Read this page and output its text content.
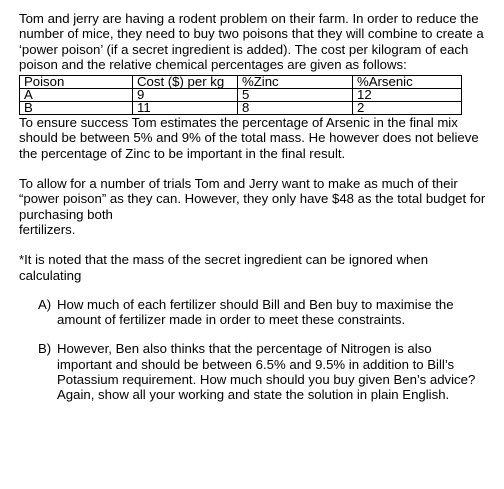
Tom and jerry are having a rodent problem on their farm. In order to reduce the number of mice, they need to buy two poisons that they will combine to create a ‘power poison’ (if a secret ingredient is added). The cost per kilogram of each poison and the relative chemical percentages are given as follows:

Poison	Cost ($) per kg	%Zinc	%Arsenic
A	9	5	12
B	11	8	2

To ensure success Tom estimates the percentage of Arsenic in the final mix should be between 5% and 9% of the total mass. He however does not believe the percentage of Zinc to be important in the final result.

To allow for a number of trials Tom and Jerry want to make as much of their “power poison” as they can. However, they only have $48 as the total budget for purchasing both
fertilizers.

*It is noted that the mass of the secret ingredient can be ignored when calculating

A) How much of each fertilizer should Bill and Ben buy to maximise the amount of fertilizer made in order to meet these constraints.
B) However, Ben also thinks that the percentage of Nitrogen is also important and should be between 6.5% and 9.5% in addition to Bill’s Potassium requirement. How much should you buy given Ben’s advice? Again, show all your working and state the solution in plain English.
